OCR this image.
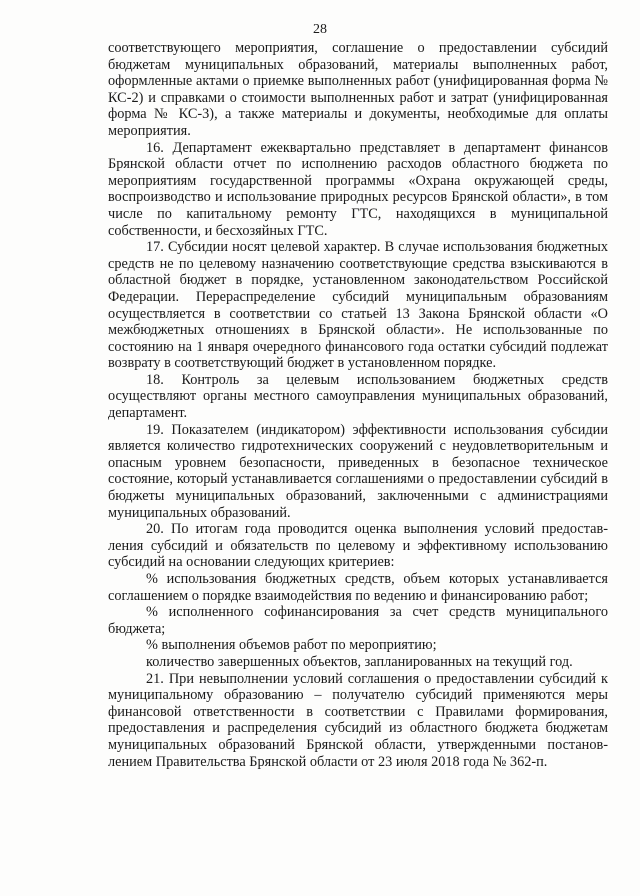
28

соответствующего мероприятия, соглашение о предоставлении субсидий бюджетам муниципальных образований, материалы выполненных работ, оформленные актами о приемке выполненных работ (унифицированная форма № КС-2) и справками о стоимости выполненных работ и затрат (унифицированная форма № КС-3), а также материалы и документы, необходимые для оплаты мероприятия.

16. Департамент ежеквартально представляет в департамент финансов Брянской области отчет по исполнению расходов областного бюджета по мероприятиям государственной программы «Охрана окружающей среды, воспроизводство и использование природных ресурсов Брянской области», в том числе по капитальному ремонту ГТС, находящихся в муниципальной собственности, и бесхозяйных ГТС.

17. Субсидии носят целевой характер. В случае использования бюджетных средств не по целевому назначению соответствующие средства взыскиваются в областной бюджет в порядке, установленном законодательством Российской Федерации. Перераспределение субсидий муниципальным образованиям осуществляется в соответствии со статьей 13 Закона Брянской области «О межбюджетных отношениях в Брянской области». Не использованные по состоянию на 1 января очередного финансового года остатки субсидий подлежат возврату в соответствующий бюджет в установленном порядке.

18. Контроль за целевым использованием бюджетных средств осуществляют органы местного самоуправления муниципальных образований, департамент.

19. Показателем (индикатором) эффективности использования субсидии является количество гидротехнических сооружений с неудовлетворительным и опасным уровнем безопасности, приведенных в безопасное техническое состояние, который устанавливается соглашениями о предоставлении субсидий в бюджеты муниципальных образований, заключенными с администрациями муниципальных образований.

20. По итогам года проводится оценка выполнения условий предоставления субсидий и обязательств по целевому и эффективному использованию субсидий на основании следующих критериев:

% использования бюджетных средств, объем которых устанавливается соглашением о порядке взаимодействия по ведению и финансированию работ;

% исполненного софинансирования за счет средств муниципального бюджета;

% выполнения объемов работ по мероприятию;

количество завершенных объектов, запланированных на текущий год.

21. При невыполнении условий соглашения о предоставлении субсидий к муниципальному образованию – получателю субсидий применяются меры финансовой ответственности в соответствии с Правилами формирования, предоставления и распределения субсидий из областного бюджета бюджетам муниципальных образований Брянской области, утвержденными постановлением Правительства Брянской области от 23 июля 2018 года № 362-п.
